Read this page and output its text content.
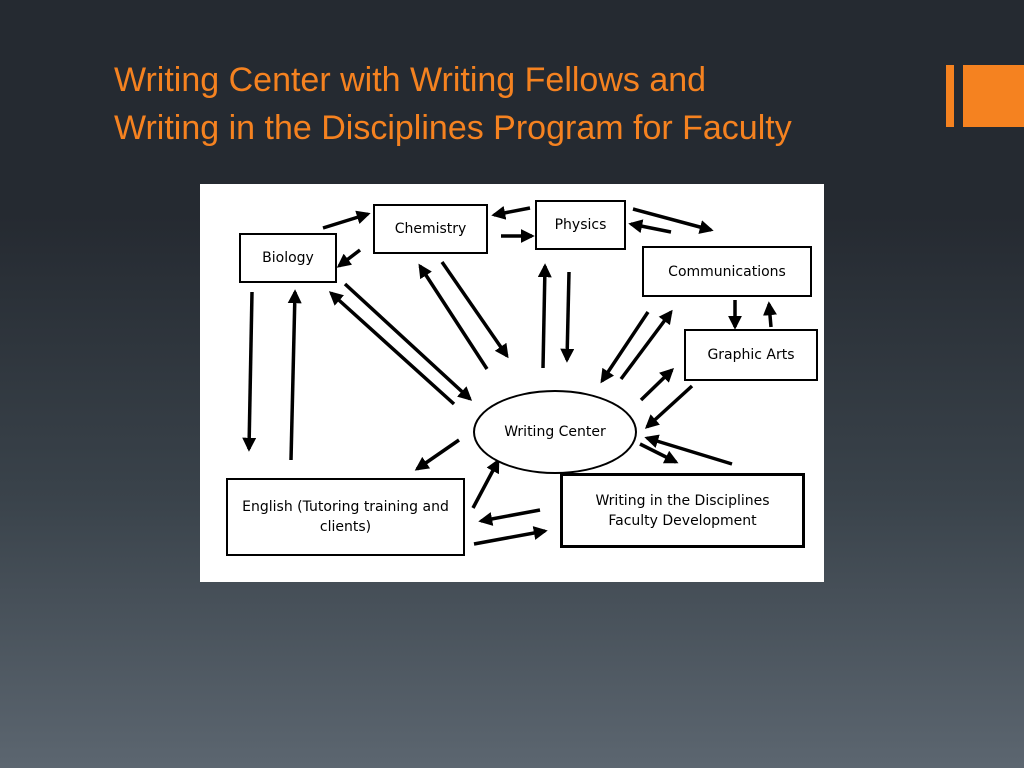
Writing Center with Writing Fellows and
Writing in the Disciplines Program for Faculty
Chemistry	Physics
Biology
Communications
Graphic Arts
Writing Center
English (Tutoring training and clients)
Writing in the Disciplines Faculty Development
